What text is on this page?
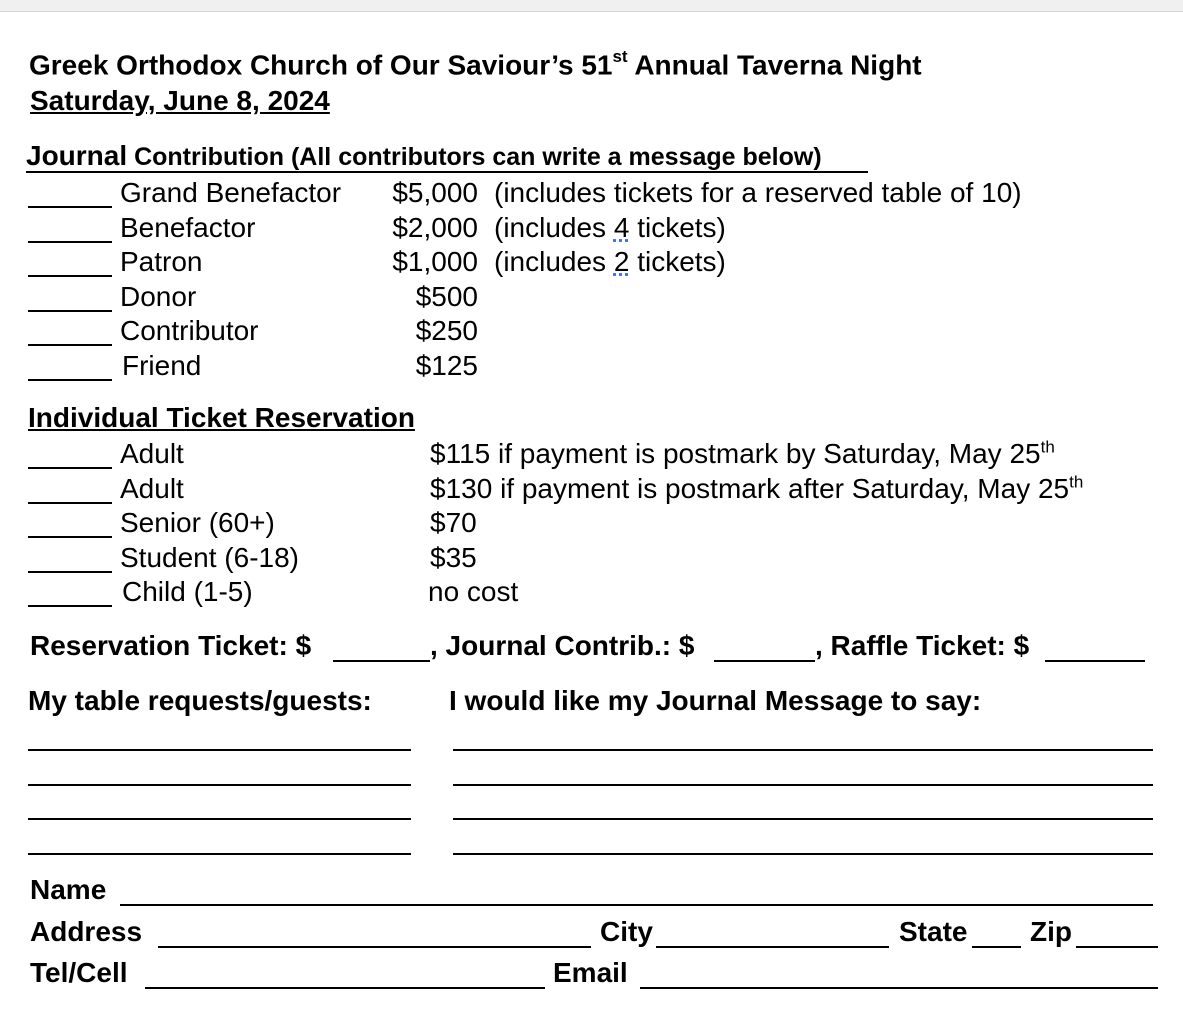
Greek Orthodox Church of Our Saviour’s 51st Annual Taverna Night
Saturday, June 8, 2024
Journal Contribution (All contributors can write a message below)
Grand Benefactor	$5,000 (includes tickets for a reserved table of 10)
Benefactor	$2,000 (includes 4 tickets)
Patron	$1,000 (includes 2 tickets)
Donor	$500
Contributor	$250
Friend	$125
Individual Ticket Reservation
Adult	$115 if payment is postmark by Saturday, May 25th
Adult	$130 if payment is postmark after Saturday, May 25th
Senior (60+)	$70
Student (6-18)	$35
Child (1-5)	no cost
Reservation Ticket: $	, Journal Contrib.: $	, Raffle Ticket: $
My table requests/guests:	I would like my Journal Message to say:
Name
Address	City	State Zip
Tel/Cell	Email
